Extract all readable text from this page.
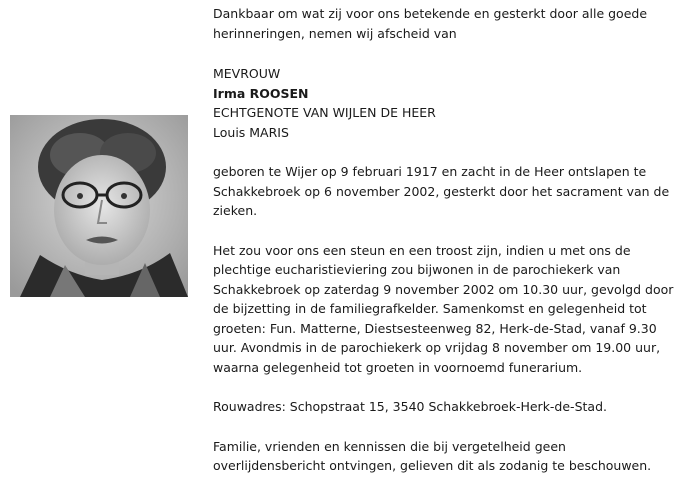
Dankbaar om wat zij voor ons betekende en gesterkt door alle goede herinneringen, nemen wij afscheid van

MEVROUW

Irma ROOSEN

ECHTGENOTE VAN WIJLEN DE HEER

Louis MARIS

geboren te Wijer op 9 februari 1917 en zacht in de Heer ontslapen te Schakkebroek op 6 november 2002, gesterkt door het sacrament van de zieken.

Het zou voor ons een steun en een troost zijn, indien u met ons de plechtige eucharistieviering zou bijwonen in de parochiekerk van Schakkebroek op zaterdag 9 november 2002 om 10.30 uur, gevolgd door de bijzetting in de familiegrafkelder. Samenkomst en gelegenheid tot groeten: Fun. Matterne, Diestsesteenweg 82, Herk-de-Stad, vanaf 9.30 uur. Avondmis in de parochiekerk op vrijdag 8 november om 19.00 uur, waarna gelegenheid tot groeten in voornoemd funerarium.

Rouwadres: Schopstraat 15, 3540 Schakkebroek-Herk-de-Stad.

Familie, vrienden en kennissen die bij vergetelheid geen overlijdensbericht ontvingen, gelieven dit als zodanig te beschouwen.
